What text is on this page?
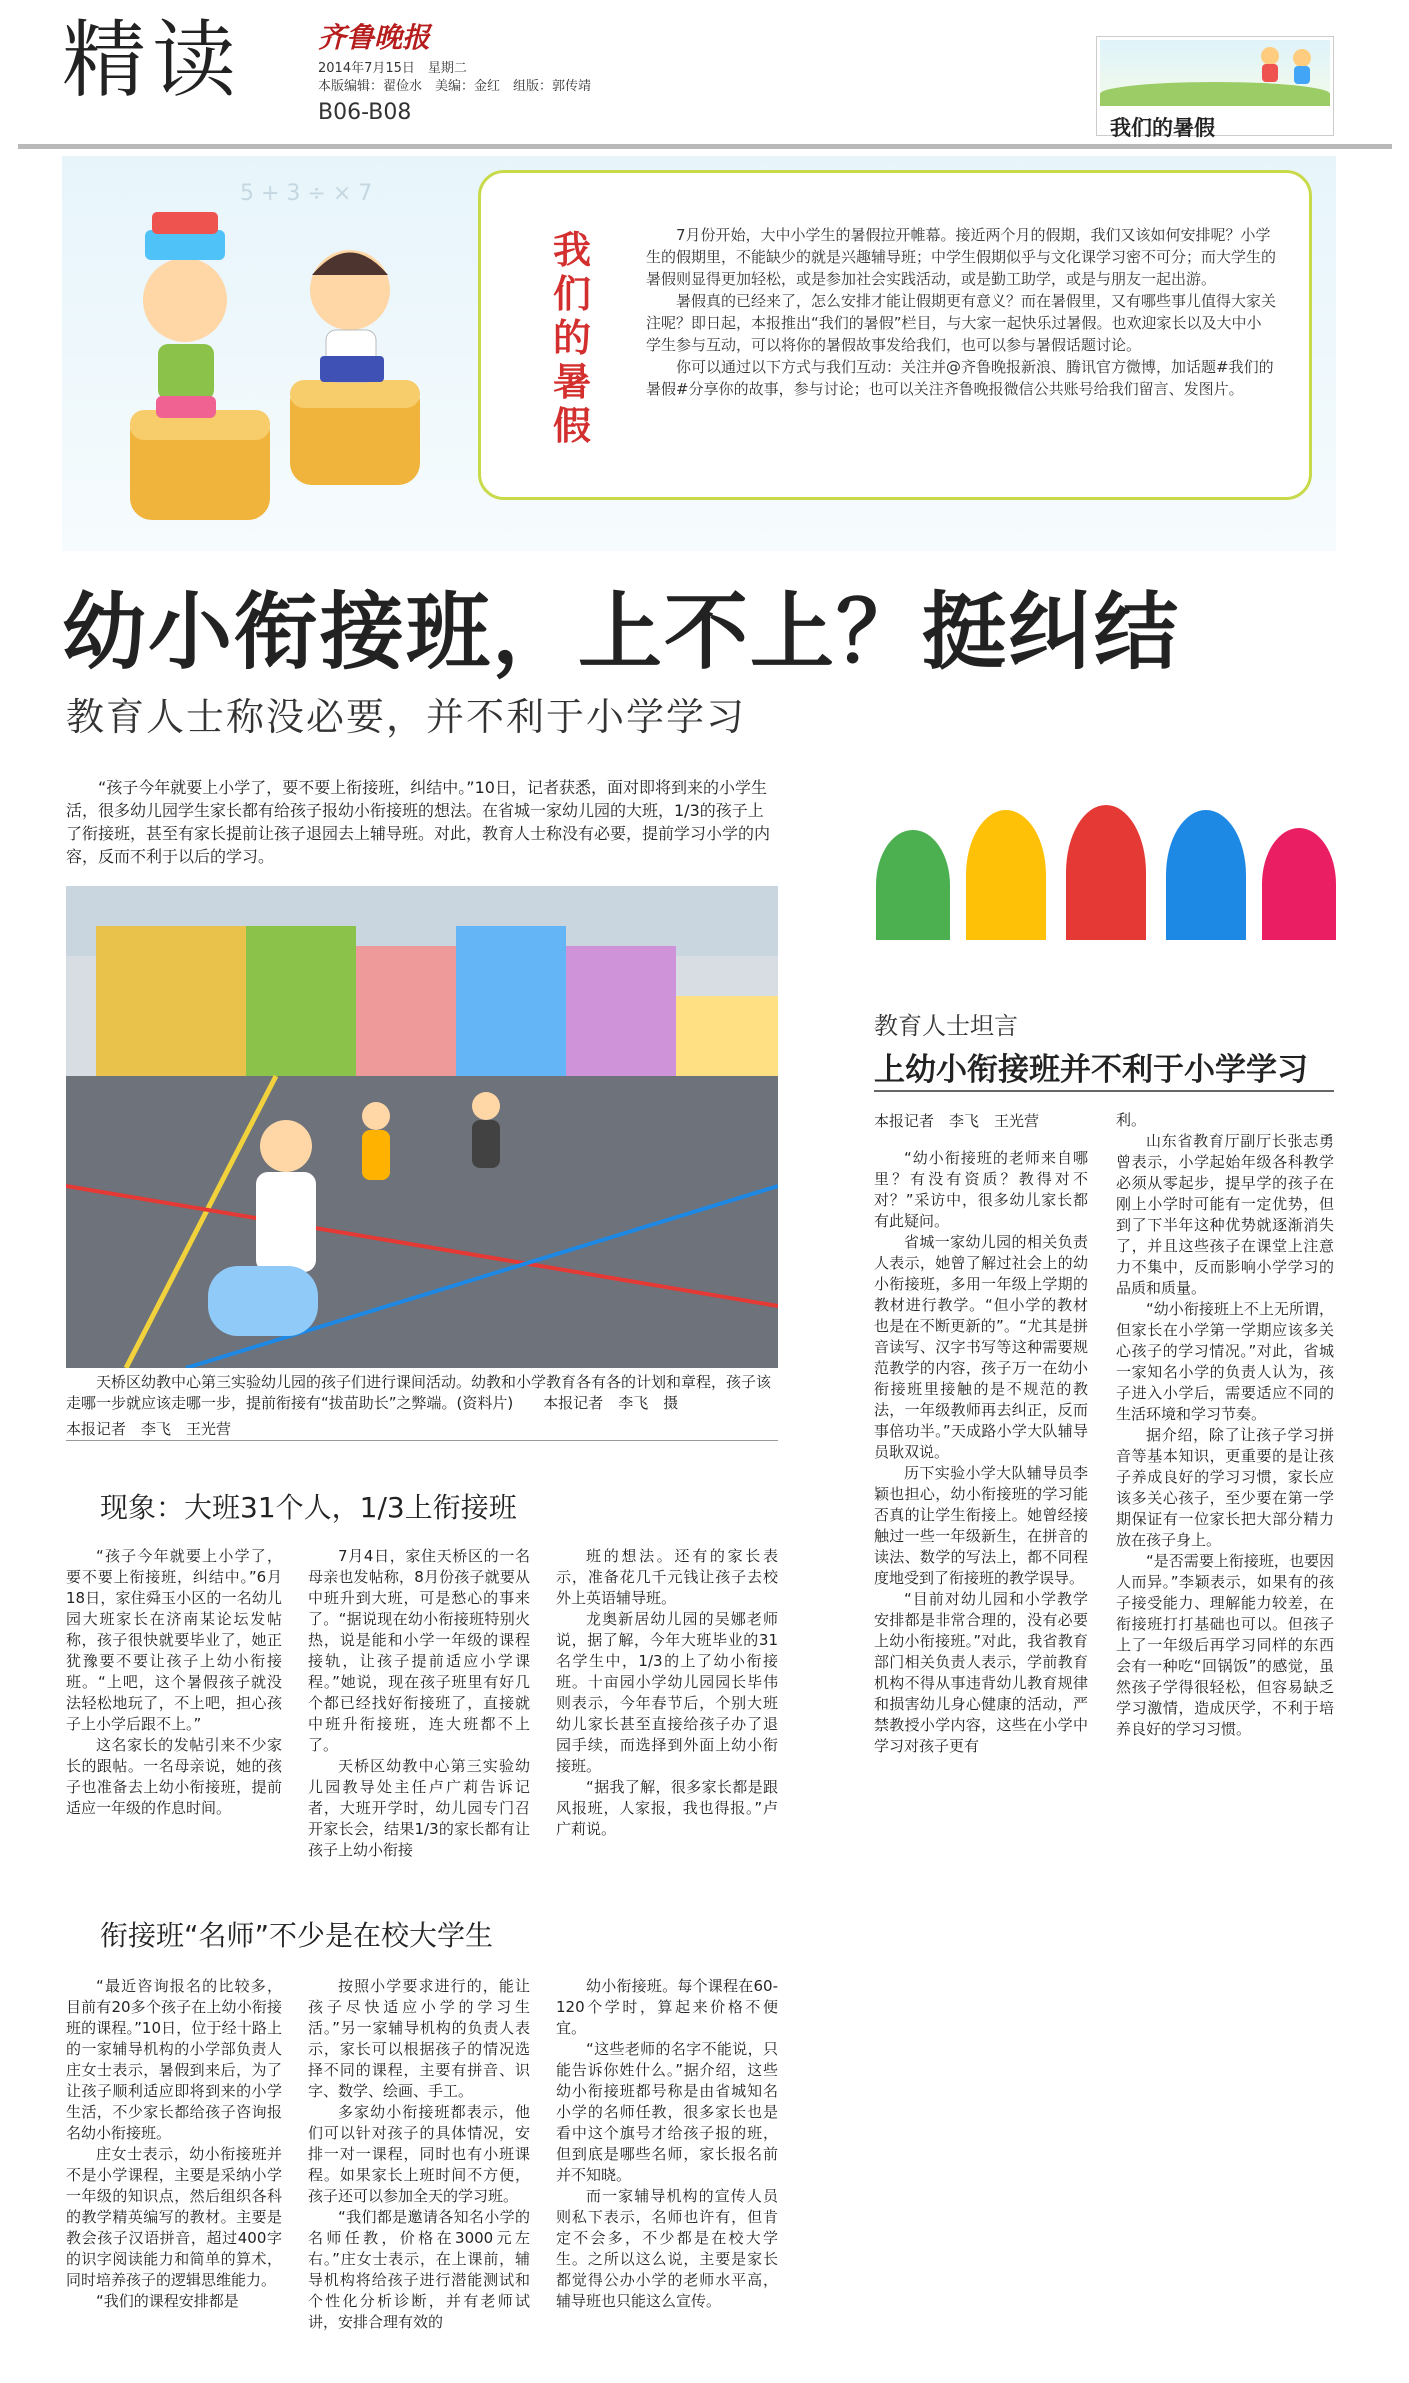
精读	齐鲁晚报
2014年7月15日　星期二
本版编辑：翟俭水　美编：金红　组版：郭传靖
B06-B08
我们的暑假
5 + 3 ÷ × 7
我们的暑假

7月份开始，大中小学生的暑假拉开帷幕。接近两个月的假期，我们又该如何安排呢？小学生的假期里，不能缺少的就是兴趣辅导班；中学生假期似乎与文化课学习密不可分；而大学生的暑假则显得更加轻松，或是参加社会实践活动，或是勤工助学，或是与朋友一起出游。

暑假真的已经来了，怎么安排才能让假期更有意义？而在暑假里，又有哪些事儿值得大家关注呢？即日起，本报推出“我们的暑假”栏目，与大家一起快乐过暑假。也欢迎家长以及大中小学生参与互动，可以将你的暑假故事发给我们，也可以参与暑假话题讨论。

你可以通过以下方式与我们互动：关注并@齐鲁晚报新浪、腾讯官方微博，加话题#我们的暑假#分享你的故事，参与讨论；也可以关注齐鲁晚报微信公共账号给我们留言、发图片。

幼小衔接班，上不上？挺纠结
教育人士称没必要，并不利于小学学习
“孩子今年就要上小学了，要不要上衔接班，纠结中。”10日，记者获悉，面对即将到来的小学生活，很多幼儿园学生家长都有给孩子报幼小衔接班的想法。在省城一家幼儿园的大班，1/3的孩子上了衔接班，甚至有家长提前让孩子退园去上辅导班。对此，教育人士称没有必要，提前学习小学的内容，反而不利于以后的学习。
天桥区幼教中心第三实验幼儿园的孩子们进行课间活动。幼教和小学教育各有各的计划和章程，孩子该走哪一步就应该走哪一步，提前衔接有“拔苗助长”之弊端。(资料片)　　本报记者　李飞　摄
本报记者　李飞　王光营
现象：大班31个人，1/3上衔接班

“孩子今年就要上小学了，要不要上衔接班，纠结中。”6月18日，家住舜玉小区的一名幼儿园大班家长在济南某论坛发帖称，孩子很快就要毕业了，她正犹豫要不要让孩子上幼小衔接班。“上吧，这个暑假孩子就没法轻松地玩了，不上吧，担心孩子上小学后跟不上。”

这名家长的发帖引来不少家长的跟帖。一名母亲说，她的孩子也准备去上幼小衔接班，提前适应一年级的作息时间。

7月4日，家住天桥区的一名母亲也发帖称，8月份孩子就要从中班升到大班，可是愁心的事来了。“据说现在幼小衔接班特别火热，说是能和小学一年级的课程接轨，让孩子提前适应小学课程。”她说，现在孩子班里有好几个都已经找好衔接班了，直接就中班升衔接班，连大班都不上了。

天桥区幼教中心第三实验幼儿园教导处主任卢广莉告诉记者，大班开学时，幼儿园专门召开家长会，结果1/3的家长都有让孩子上幼小衔接

班的想法。还有的家长表示，准备花几千元钱让孩子去校外上英语辅导班。

龙奥新居幼儿园的吴娜老师说，据了解，今年大班毕业的31名学生中，1/3的上了幼小衔接班。十亩园小学幼儿园园长毕伟则表示，今年春节后，个别大班幼儿家长甚至直接给孩子办了退园手续，而选择到外面上幼小衔接班。

“据我了解，很多家长都是跟风报班，人家报，我也得报。”卢广莉说。

衔接班“名师”不少是在校大学生

“最近咨询报名的比较多，目前有20多个孩子在上幼小衔接班的课程。”10日，位于经十路上的一家辅导机构的小学部负责人庄女士表示，暑假到来后，为了让孩子顺利适应即将到来的小学生活，不少家长都给孩子咨询报名幼小衔接班。

庄女士表示，幼小衔接班并不是小学课程，主要是采纳小学一年级的知识点，然后组织各科的教学精英编写的教材。主要是教会孩子汉语拼音，超过400字的识字阅读能力和简单的算术，同时培养孩子的逻辑思维能力。

“我们的课程安排都是

按照小学要求进行的，能让孩子尽快适应小学的学习生活。”另一家辅导机构的负责人表示，家长可以根据孩子的情况选择不同的课程，主要有拼音、识字、数学、绘画、手工。

多家幼小衔接班都表示，他们可以针对孩子的具体情况，安排一对一课程，同时也有小班课程。如果家长上班时间不方便，孩子还可以参加全天的学习班。

“我们都是邀请各知名小学的名师任教，价格在3000元左右。”庄女士表示，在上课前，辅导机构将给孩子进行潜能测试和个性化分析诊断，并有老师试讲，安排合理有效的

幼小衔接班。每个课程在60-120个学时，算起来价格不便宜。

“这些老师的名字不能说，只能告诉你姓什么。”据介绍，这些幼小衔接班都号称是由省城知名小学的名师任教，很多家长也是看中这个旗号才给孩子报的班，但到底是哪些名师，家长报名前并不知晓。

而一家辅导机构的宣传人员则私下表示，名师也许有，但肯定不会多，不少都是在校大学生。之所以这么说，主要是家长都觉得公办小学的老师水平高，辅导班也只能这么宣传。

教育人士坦言
上幼小衔接班并不利于小学学习
本报记者　李飞　王光营

“幼小衔接班的老师来自哪里？有没有资质？教得对不对？”采访中，很多幼儿家长都有此疑问。

省城一家幼儿园的相关负责人表示，她曾了解过社会上的幼小衔接班，多用一年级上学期的教材进行教学。“但小学的教材也是在不断更新的”。“尤其是拼音读写、汉字书写等这种需要规范教学的内容，孩子万一在幼小衔接班里接触的是不规范的教法，一年级教师再去纠正，反而事倍功半。”天成路小学大队辅导员耿双说。

历下实验小学大队辅导员李颖也担心，幼小衔接班的学习能否真的让学生衔接上。她曾经接触过一些一年级新生，在拼音的读法、数学的写法上，都不同程度地受到了衔接班的教学误导。

“目前对幼儿园和小学教学安排都是非常合理的，没有必要上幼小衔接班。”对此，我省教育部门相关负责人表示，学前教育机构不得从事违背幼儿教育规律和损害幼儿身心健康的活动，严禁教授小学内容，这些在小学中学习对孩子更有

利。

山东省教育厅副厅长张志勇曾表示，小学起始年级各科教学必须从零起步，提早学的孩子在刚上小学时可能有一定优势，但到了下半年这种优势就逐渐消失了，并且这些孩子在课堂上注意力不集中，反而影响小学学习的品质和质量。

“幼小衔接班上不上无所谓，但家长在小学第一学期应该多关心孩子的学习情况。”对此，省城一家知名小学的负责人认为，孩子进入小学后，需要适应不同的生活环境和学习节奏。

据介绍，除了让孩子学习拼音等基本知识，更重要的是让孩子养成良好的学习习惯，家长应该多关心孩子，至少要在第一学期保证有一位家长把大部分精力放在孩子身上。

“是否需要上衔接班，也要因人而异。”李颖表示，如果有的孩子接受能力、理解能力较差，在衔接班打打基础也可以。但孩子上了一年级后再学习同样的东西会有一种吃“回锅饭”的感觉，虽然孩子学得很轻松，但容易缺乏学习激情，造成厌学，不利于培养良好的学习习惯。
